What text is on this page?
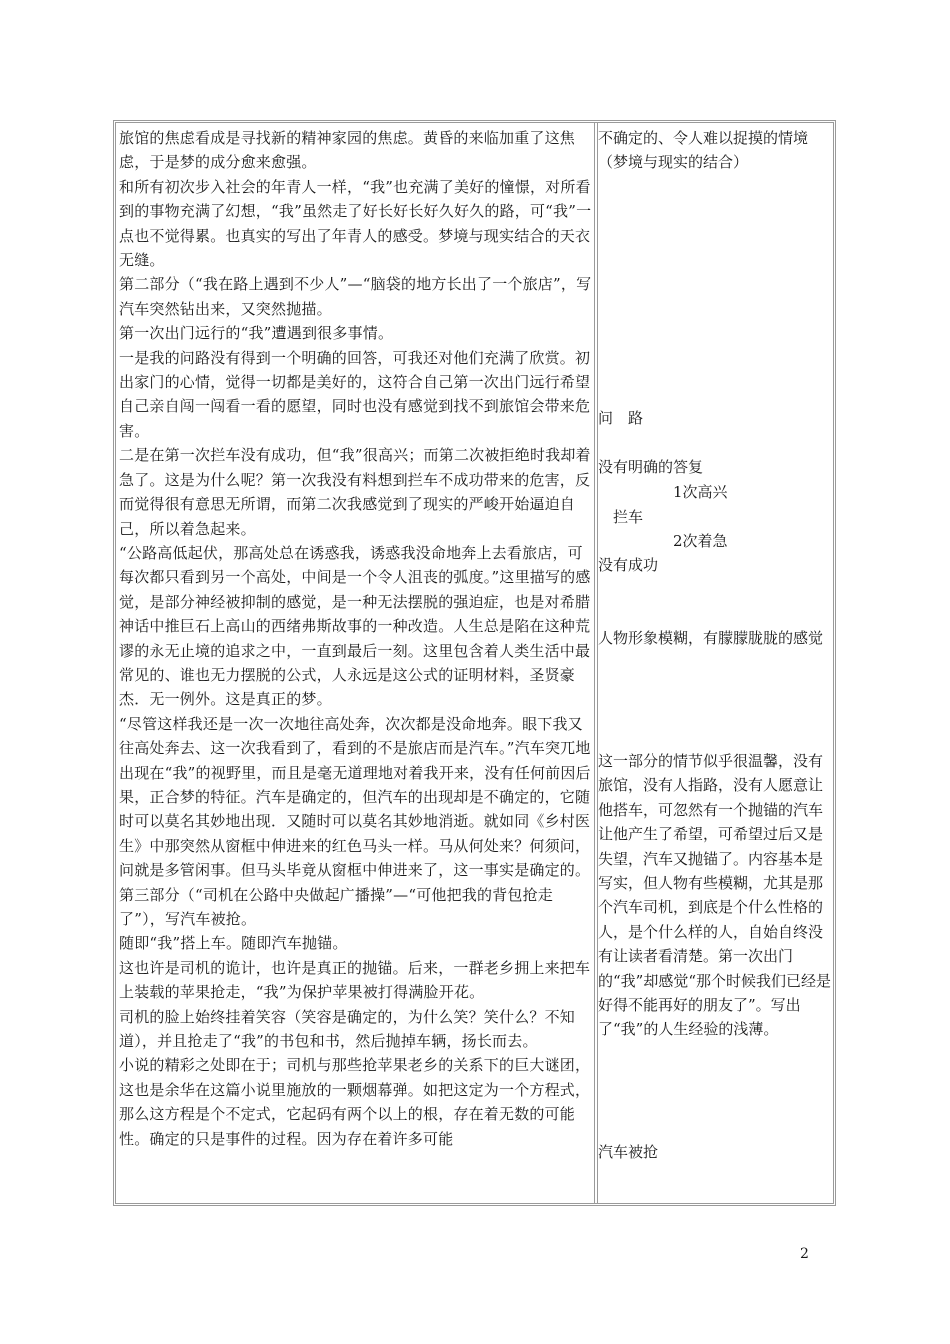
旅馆的焦虑看成是寻找新的精神家园的焦虑。黄昏的来临加重了这焦虑，于是梦的成分愈来愈强。

和所有初次步入社会的年青人一样，“我”也充满了美好的憧憬，对所看到的事物充满了幻想，“我”虽然走了好长好长好久好久的路，可“我”一点也不觉得累。也真实的写出了年青人的感受。梦境与现实结合的天衣无缝。

第二部分（“我在路上遇到不少人”—“脑袋的地方长出了一个旅店”，写汽车突然钻出来，又突然抛描。

第一次出门远行的“我”遭遇到很多事情。

一是我的问路没有得到一个明确的回答，可我还对他们充满了欣赏。初出家门的心情，觉得一切都是美好的，这符合自己第一次出门远行希望自己亲自闯一闯看一看的愿望，同时也没有感觉到找不到旅馆会带来危害。

二是在第一次拦车没有成功，但“我”很高兴；而第二次被拒绝时我却着急了。这是为什么呢？第一次我没有料想到拦车不成功带来的危害，反而觉得很有意思无所谓，而第二次我感觉到了现实的严峻开始逼迫自己，所以着急起来。

“公路高低起伏，那高处总在诱惑我，诱惑我没命地奔上去看旅店，可每次都只看到另一个高处，中间是一个令人沮丧的弧度。”这里描写的感觉，是部分神经被抑制的感觉，是一种无法摆脱的强迫症，也是对希腊神话中推巨石上高山的西绪弗斯故事的一种改造。人生总是陷在这种荒谬的永无止境的追求之中，一直到最后一刻。这里包含着人类生活中最常见的、谁也无力摆脱的公式，人永远是这公式的证明材料，圣贤豪杰．无一例外。这是真正的梦。

“尽管这样我还是一次一次地往高处奔，次次都是没命地奔。眼下我又往高处奔去、这一次我看到了，看到的不是旅店而是汽车。”汽车突兀地出现在“我”的视野里，而且是毫无道理地对着我开来，没有任何前因后果，正合梦的特征。汽车是确定的，但汽车的出现却是不确定的，它随时可以莫名其妙地出现．又随时可以莫名其妙地消逝。就如同《乡村医生》中那突然从窗框中伸进来的红色马头一样。马从何处来？何须问，问就是多管闲事。但马头毕竟从窗框中伸进来了，这一事实是确定的。

第三部分（“司机在公路中央做起广播操”—“可他把我的背包抢走了”），写汽车被抢。

随即“我”搭上车。随即汽车抛锚。

这也许是司机的诡计，也许是真正的抛锚。后来，一群老乡拥上来把车上装载的苹果抢走，“我”为保护苹果被打得满脸开花。

司机的脸上始终挂着笑容（笑容是确定的，为什么笑？笑什么？不知道），并且抢走了“我”的书包和书，然后抛掉车辆，扬长而去。

小说的精彩之处即在于；司机与那些抢苹果老乡的关系下的巨大谜团，这也是余华在这篇小说里施放的一颗烟幕弹。如把这定为一个方程式，那么这方程是个不定式，它起码有两个以上的根，存在着无数的可能性。确定的只是事件的过程。因为存在着许多可能

不确定的、令人难以捉摸的情境（梦境与现实的结合）

问　路

没有明确的答复

　　　　　1次高兴

　拦车

　　　　　2次着急

没有成功

人物形象模糊，有朦朦胧胧的感觉

这一部分的情节似乎很温馨，没有旅馆，没有人指路，没有人愿意让他搭车，可忽然有一个抛锚的汽车让他产生了希望，可希望过后又是失望，汽车又抛锚了。内容基本是写实，但人物有些模糊，尤其是那个汽车司机，到底是个什么性格的人，是个什么样的人，自始自终没有让读者看清楚。第一次出门的“我”却感觉“那个时候我们已经是好得不能再好的朋友了”。写出了“我”的人生经验的浅薄。

汽车被抢

2
